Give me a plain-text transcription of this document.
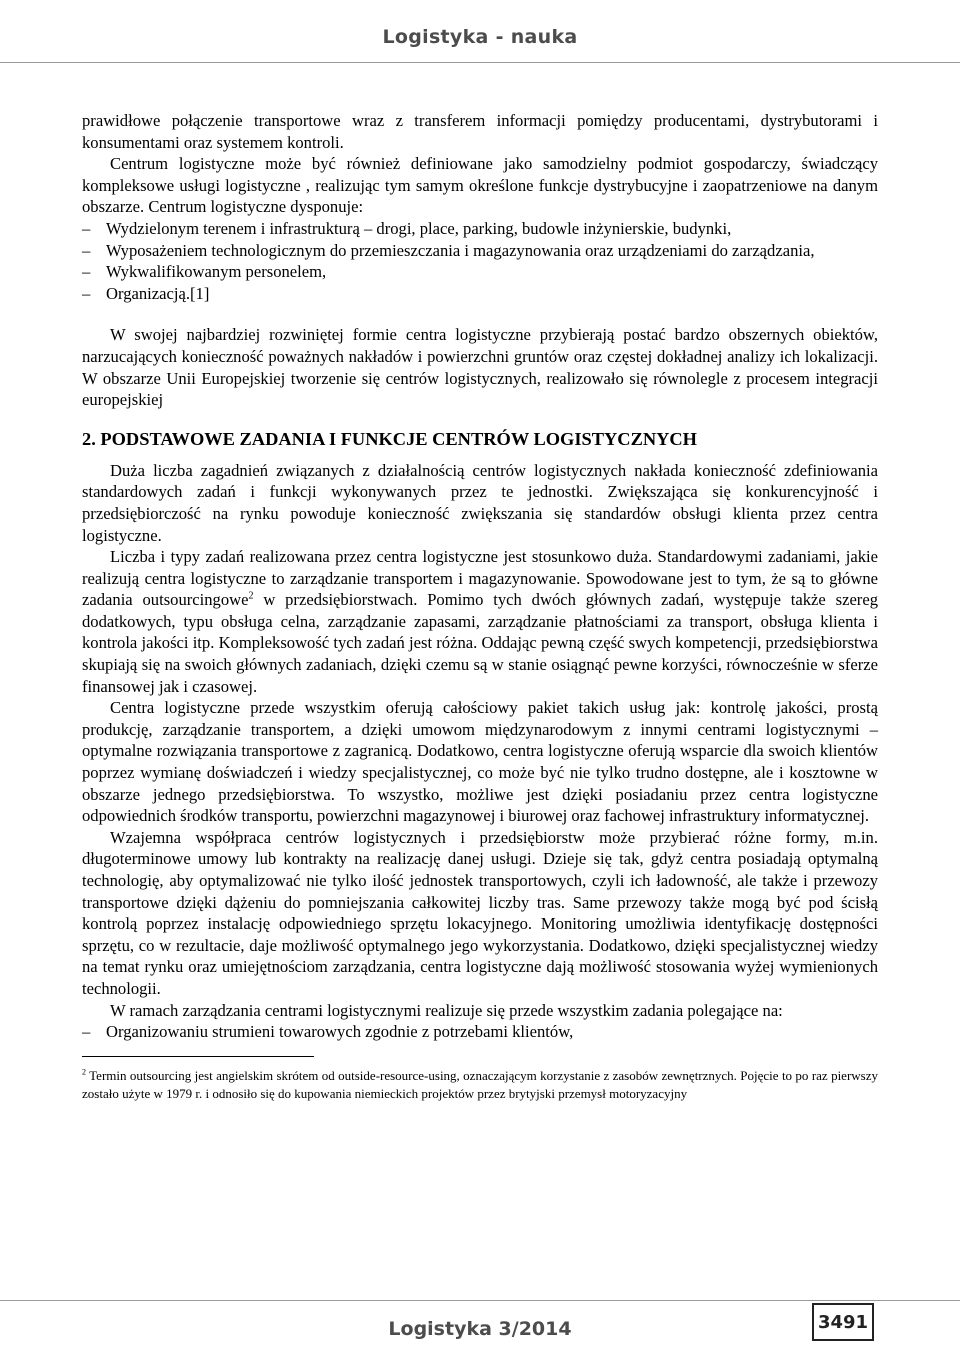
Logistyka - nauka

prawidłowe połączenie transportowe wraz z transferem informacji pomiędzy producentami, dystrybutorami i konsumentami oraz systemem kontroli.

Centrum logistyczne może być również definiowane jako samodzielny podmiot gospodarczy, świadczący kompleksowe usługi logistyczne , realizując tym samym określone funkcje dystrybucyjne i zaopatrzeniowe na danym obszarze. Centrum logistyczne dysponuje:

– Wydzielonym terenem i infrastrukturą – drogi, place, parking, budowle inżynierskie, budynki,
– Wyposażeniem technologicznym do przemieszczania i magazynowania oraz urządzeniami do zarządzania,
– Wykwalifikowanym personelem,
– Organizacją.[1]

W swojej najbardziej rozwiniętej formie centra logistyczne przybierają postać bardzo obszernych obiektów, narzucających konieczność poważnych nakładów i powierzchni gruntów oraz częstej dokładnej analizy ich lokalizacji. W obszarze Unii Europejskiej tworzenie się centrów logistycznych, realizowało się równolegle z procesem integracji europejskiej

2. PODSTAWOWE ZADANIA I FUNKCJE CENTRÓW LOGISTYCZNYCH

Duża liczba zagadnień związanych z działalnością centrów logistycznych nakłada konieczność zdefiniowania standardowych zadań i funkcji wykonywanych przez te jednostki. Zwiększająca się konkurencyjność i przedsiębiorczość na rynku powoduje konieczność zwiększania się standardów obsługi klienta przez centra logistyczne.

Liczba i typy zadań realizowana przez centra logistyczne jest stosunkowo duża. Standardowymi zadaniami, jakie realizują centra logistyczne to zarządzanie transportem i magazynowanie. Spowodowane jest to tym, że są to główne zadania outsourcingowe$^2$ w przedsiębiorstwach. Pomimo tych dwóch głównych zadań, występuje także szereg dodatkowych, typu obsługa celna, zarządzanie zapasami, zarządzanie płatnościami za transport, obsługa klienta i kontrola jakości itp. Kompleksowość tych zadań jest różna. Oddając pewną część swych kompetencji, przedsiębiorstwa skupiają się na swoich głównych zadaniach, dzięki czemu są w stanie osiągnąć pewne korzyści, równocześnie w sferze finansowej jak i czasowej.

Centra logistyczne przede wszystkim oferują całościowy pakiet takich usług jak: kontrolę jakości, prostą produkcję, zarządzanie transportem, a dzięki umowom międzynarodowym z innymi centrami logistycznymi – optymalne rozwiązania transportowe z zagranicą. Dodatkowo, centra logistyczne oferują wsparcie dla swoich klientów poprzez wymianę doświadczeń i wiedzy specjalistycznej, co może być nie tylko trudno dostępne, ale i kosztowne w obszarze jednego przedsiębiorstwa. To wszystko, możliwe jest dzięki posiadaniu przez centra logistyczne odpowiednich środków transportu, powierzchni magazynowej i biurowej oraz fachowej infrastruktury informatycznej.

Wzajemna współpraca centrów logistycznych i przedsiębiorstw może przybierać różne formy, m.in. długoterminowe umowy lub kontrakty na realizację danej usługi. Dzieje się tak, gdyż centra posiadają optymalną technologię, aby optymalizować nie tylko ilość jednostek transportowych, czyli ich ładowność, ale także i przewozy transportowe dzięki dążeniu do pomniejszania całkowitej liczby tras. Same przewozy także mogą być pod ścisłą kontrolą poprzez instalację odpowiedniego sprzętu lokacyjnego. Monitoring umożliwia identyfikację dostępności sprzętu, co w rezultacie, daje możliwość optymalnego jego wykorzystania. Dodatkowo, dzięki specjalistycznej wiedzy na temat rynku oraz umiejętnościom zarządzania, centra logistyczne dają możliwość stosowania wyżej wymienionych technologii.

W ramach zarządzania centrami logistycznymi realizuje się przede wszystkim zadania polegające na:

– Organizowaniu strumieni towarowych zgodnie z potrzebami klientów,
$^2$ Termin outsourcing jest angielskim skrótem od outside-resource-using, oznaczającym korzystanie z zasobów zewnętrznych. Pojęcie to po raz pierwszy zostało użyte w 1979 r. i odnosiło się do kupowania niemieckich projektów przez brytyjski przemysł motoryzacyjny
Logistyka 3/2014	3491
